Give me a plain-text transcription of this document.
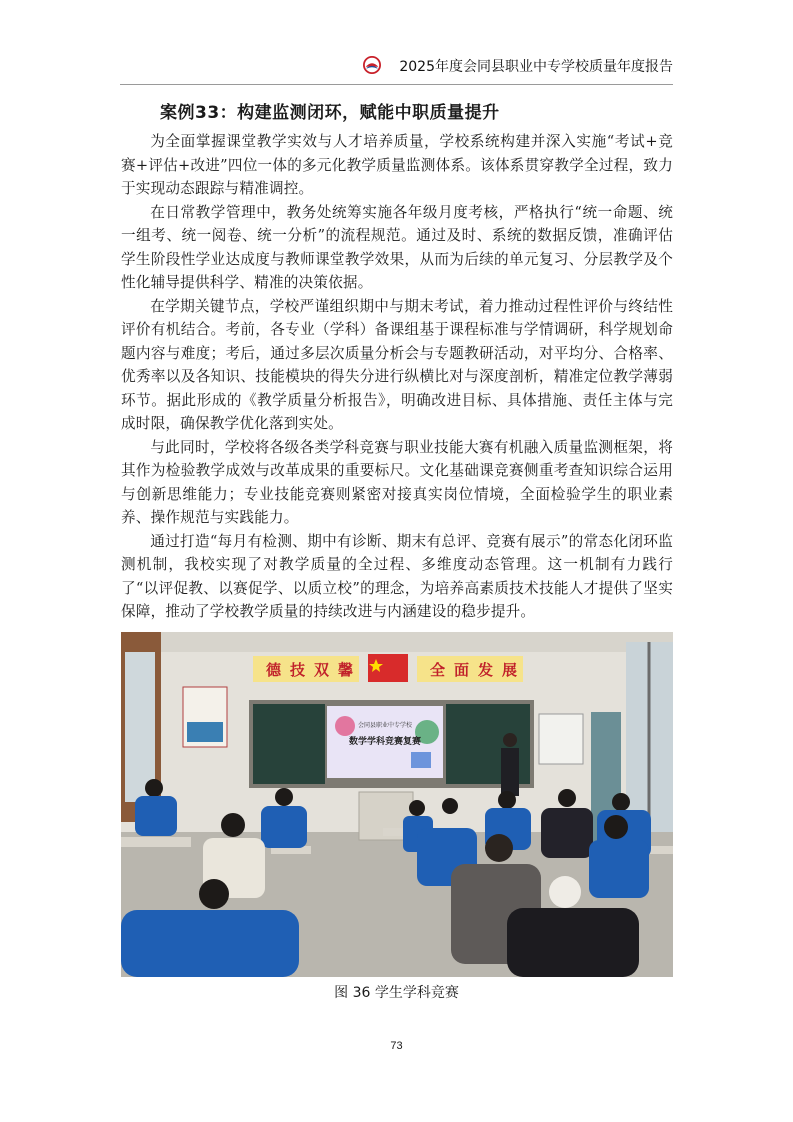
2025年度会同县职业中专学校质量年度报告
案例33：构建监测闭环，赋能中职质量提升

为全面掌握课堂教学实效与人才培养质量，学校系统构建并深入实施“考试+竞赛+评估+改进”四位一体的多元化教学质量监测体系。该体系贯穿教学全过程，致力于实现动态跟踪与精准调控。

在日常教学管理中，教务处统筹实施各年级月度考核，严格执行“统一命题、统一组考、统一阅卷、统一分析”的流程规范。通过及时、系统的数据反馈，准确评估学生阶段性学业达成度与教师课堂教学效果，从而为后续的单元复习、分层教学及个性化辅导提供科学、精准的决策依据。

在学期关键节点，学校严谨组织期中与期末考试，着力推动过程性评价与终结性评价有机结合。考前，各专业（学科）备课组基于课程标准与学情调研，科学规划命题内容与难度；考后，通过多层次质量分析会与专题教研活动，对平均分、合格率、优秀率以及各知识、技能模块的得失分进行纵横比对与深度剖析，精准定位教学薄弱环节。据此形成的《教学质量分析报告》，明确改进目标、具体措施、责任主体与完成时限，确保教学优化落到实处。

与此同时，学校将各级各类学科竞赛与职业技能大赛有机融入质量监测框架，将其作为检验教学成效与改革成果的重要标尺。文化基础课竞赛侧重考查知识综合运用与创新思维能力；专业技能竞赛则紧密对接真实岗位情境，全面检验学生的职业素养、操作规范与实践能力。

通过打造“每月有检测、期中有诊断、期末有总评、竞赛有展示”的常态化闭环监测机制，我校实现了对教学质量的全过程、多维度动态管理。这一机制有力践行了“以评促教、以赛促学、以质立校”的理念，为培养高素质技术技能人才提供了坚实保障，推动了学校教学质量的持续改进与内涵建设的稳步提升。

德 技 双 馨	全 面 发 展
会同县职业中专学校
数学学科竞赛复赛
图 36 学生学科竞赛
73
